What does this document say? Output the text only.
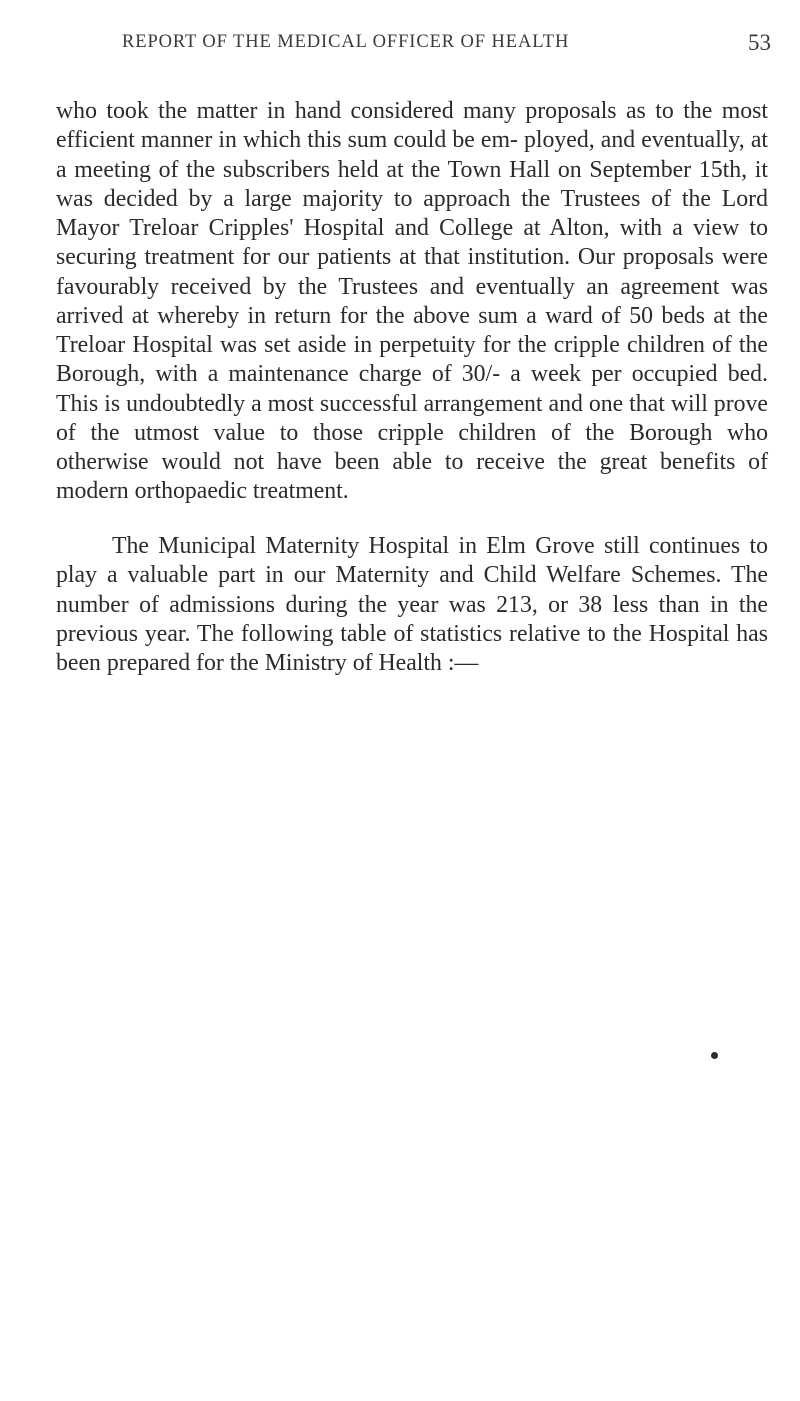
REPORT OF THE MEDICAL OFFICER OF HEALTH	53

who took the matter in hand considered many proposals as to the most efficient manner in which this sum could be em- ployed, and eventually, at a meeting of the subscribers held at the Town Hall on September 15th, it was decided by a large majority to approach the Trustees of the Lord Mayor Treloar Cripples' Hospital and College at Alton, with a view to securing treatment for our patients at that institution. Our proposals were favourably received by the Trustees and eventually an agreement was arrived at whereby in return for the above sum a ward of 50 beds at the Treloar Hospital was set aside in perpetuity for the cripple children of the Borough, with a maintenance charge of 30/- a week per occupied bed. This is undoubtedly a most successful arrangement and one that will prove of the utmost value to those cripple children of the Borough who otherwise would not have been able to receive the great benefits of modern orthopaedic treatment.

The Municipal Maternity Hospital in Elm Grove still continues to play a valuable part in our Maternity and Child Welfare Schemes. The number of admissions during the year was 213, or 38 less than in the previous year. The following table of statistics relative to the Hospital has been prepared for the Ministry of Health :—
